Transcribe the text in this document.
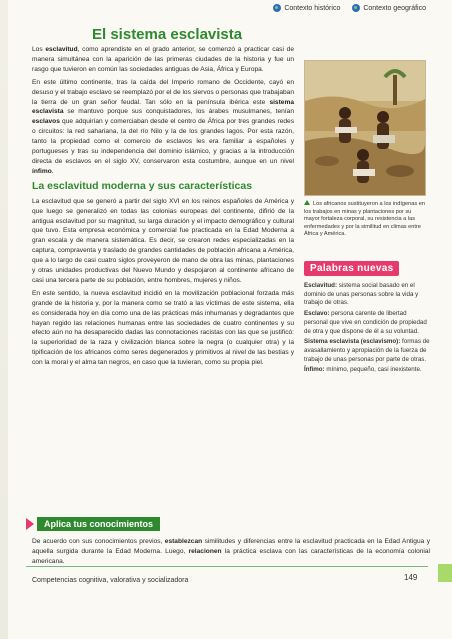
Contexto histórico	Contexto geográfico
El sistema esclavista

Los esclavitud, como aprendiste en el grado anterior, se comenzó a practicar casi de manera simultánea con la aparición de las primeras ciudades de la historia y fue un rasgo que tuvieron en común las sociedades antiguas de Asia, África y Europa.

En este último continente, tras la caída del Imperio romano de Occidente, cayó en desuso y el trabajo esclavo se reemplazó por el de los siervos o personas que trabajaban la tierra de un gran señor feudal. Tan sólo en la península ibérica este sistema esclavista se mantuvo porque sus conquistadores, los árabes musulmanes, tenían esclavos que adquirían y comerciaban desde el centro de África por tres grandes redes o circuitos: la red sahariana, la del río Nilo y la de los grandes lagos. Por esta razón, tanto la propiedad como el comercio de esclavos les era familiar a españoles y portugueses y tras su independencia del dominio islámico, y gracias a la introducción directa de esclavos en el siglo XV, conservaron esta costumbre, aunque en un nivel ínfimo.

La esclavitud moderna y sus características

La esclavitud que se generó a partir del siglo XVI en los reinos españoles de América y que luego se generalizó en todas las colonias europeas del continente, difirió de la antigua esclavitud por su magnitud, su larga duración y el impacto demográfico y cultural que tuvo. Esta empresa económica y comercial fue practicada en la Edad Moderna a gran escala y de manera sistemática. Es decir, se crearon redes especializadas en la captura, compraventa y traslado de grandes cantidades de población africana a América, que a lo largo de casi cuatro siglos proveyeron de mano de obra las minas, plantaciones y otras unidades productivas del Nuevo Mundo y despojaron al continente africano de casi una tercera parte de su población, entre hombres, mujeres y niños.

En este sentido, la nueva esclavitud incidió en la movilización poblacional forzada más grande de la historia y, por la manera como se trató a las víctimas de este sistema, ella es considerada hoy en día como una de las prácticas más inhumanas y degradantes que hayan regido las relaciones humanas entre las sociedades de cuatro continentes y su efecto aún no ha desaparecido dadas las connotaciones racistas con las que se justificó: la superioridad de la raza y civilización blanca sobre la negra (o cualquier otra) y la tipificación de los africanos como seres degenerados y primitivos al nivel de las bestias y con la moral y el alma tan negros, en caso que la tuvieran, como su propia piel.

Los africanos sustituyeron a los indígenas en los trabajos en minas y plantaciones por su mayor fortaleza corporal, su resistencia a las enfermedades y por la similitud en climas entre África y América.
Palabras nuevas

Esclavitud: sistema social basado en el dominio de unas personas sobre la vida y trabajo de otras.

Esclavo: persona carente de libertad personal que vive en condición de propiedad de otra y que dispone de él a su voluntad.

Sistema esclavista (esclavismo): formas de avasallamiento y apropiación de la fuerza de trabajo de unas personas por parte de otras.

Ínfimo: mínimo, pequeño, casi inexistente.

Aplica tus conocimientos
De acuerdo con sus conocimientos previos, establezcan similitudes y diferencias entre la esclavitud practicada en la Edad Antigua y aquella surgida durante la Edad Moderna. Luego, relacionen la práctica esclava con las características de la economía colonial americana.
Competencias cognitiva, valorativa y socializadora	149
